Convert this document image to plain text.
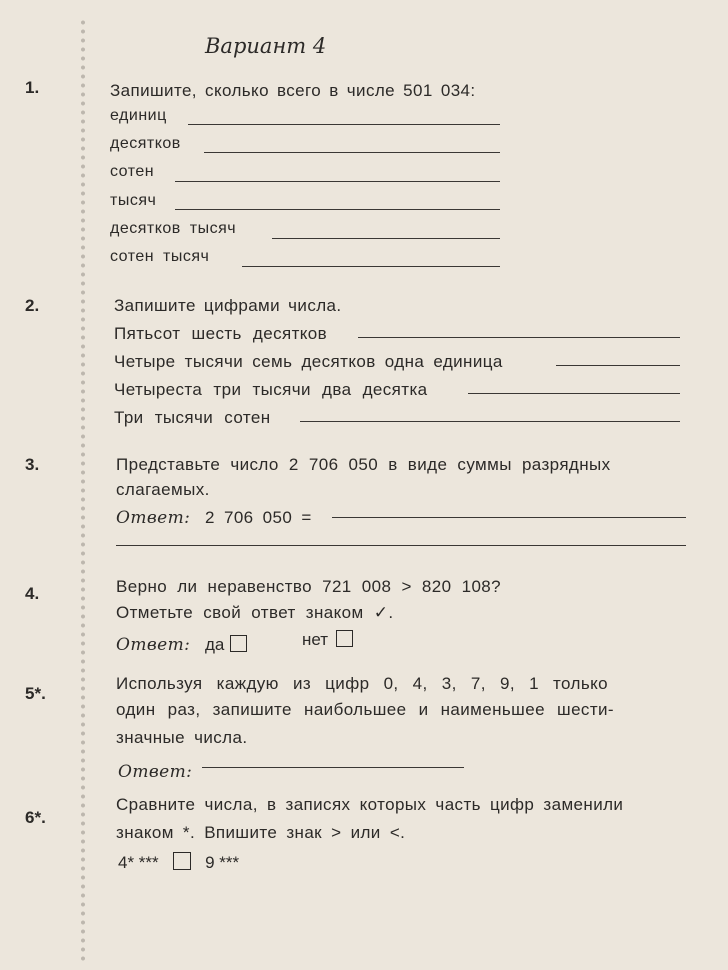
Вариант 4
1.	Запишите, сколько всего в числе 501 034:
единиц
десятков
сотен
тысяч
десятков тысяч
сотен тысяч
2.	Запишите цифрами числа.
Пятьсот шесть десятков
Четыре тысячи семь десятков одна единица
Четыреста три тысячи два десятка
Три тысячи сотен
3.	Представьте число 2 706 050 в виде суммы разрядных
слагаемых.
Ответ: 2 706 050 =
4.	Верно ли неравенство 721 008 > 820 108?
Отметьте свой ответ знаком ✓.
Ответ: да	нет
5*.
Используя каждую из цифр 0, 4, 3, 7, 9, 1 только
один раз, запишите наибольшее и наименьшее шести-
значные числа.
Ответ:
6*.
Сравните числа, в записях которых часть цифр заменили
знаком *. Впишите знак > или <.
4* ***	9 ***
